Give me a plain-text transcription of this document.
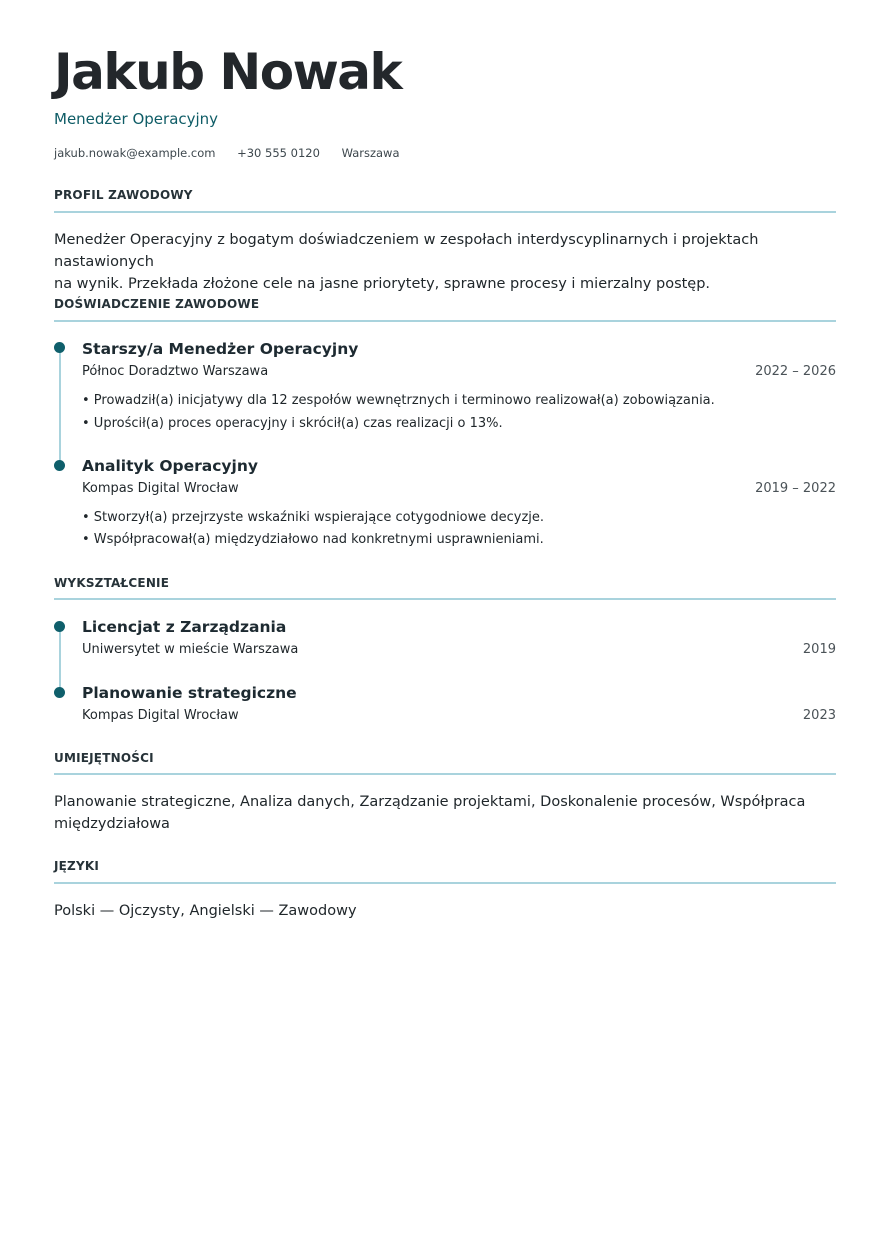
Jakub Nowak
Menedżer Operacyjny
jakub.nowak@example.com +30 555 0120 Warszawa
PROFIL ZAWODOWY
Menedżer Operacyjny z bogatym doświadczeniem w zespołach interdyscyplinarnych i projektach nastawionych
na wynik. Przekłada złożone cele na jasne priorytety, sprawne procesy i mierzalny postęp.
DOŚWIADCZENIE ZAWODOWE
Starszy/a Menedżer Operacyjny
Północ Doradztwo Warszawa	2022 – 2026
• Prowadził(a) inicjatywy dla 12 zespołów wewnętrznych i terminowo realizował(a) zobowiązania.
• Uprościł(a) proces operacyjny i skrócił(a) czas realizacji o 13%.
Analityk Operacyjny
Kompas Digital Wrocław	2019 – 2022
• Stworzył(a) przejrzyste wskaźniki wspierające cotygodniowe decyzje.
• Współpracował(a) międzydziałowo nad konkretnymi usprawnieniami.
WYKSZTAŁCENIE
Licencjat z Zarządzania
Uniwersytet w mieście Warszawa	2019
Planowanie strategiczne
Kompas Digital Wrocław	2023
UMIEJĘTNOŚCI
Planowanie strategiczne, Analiza danych, Zarządzanie projektami, Doskonalenie procesów, Współpraca
międzydziałowa
JĘZYKI
Polski — Ojczysty, Angielski — Zawodowy
